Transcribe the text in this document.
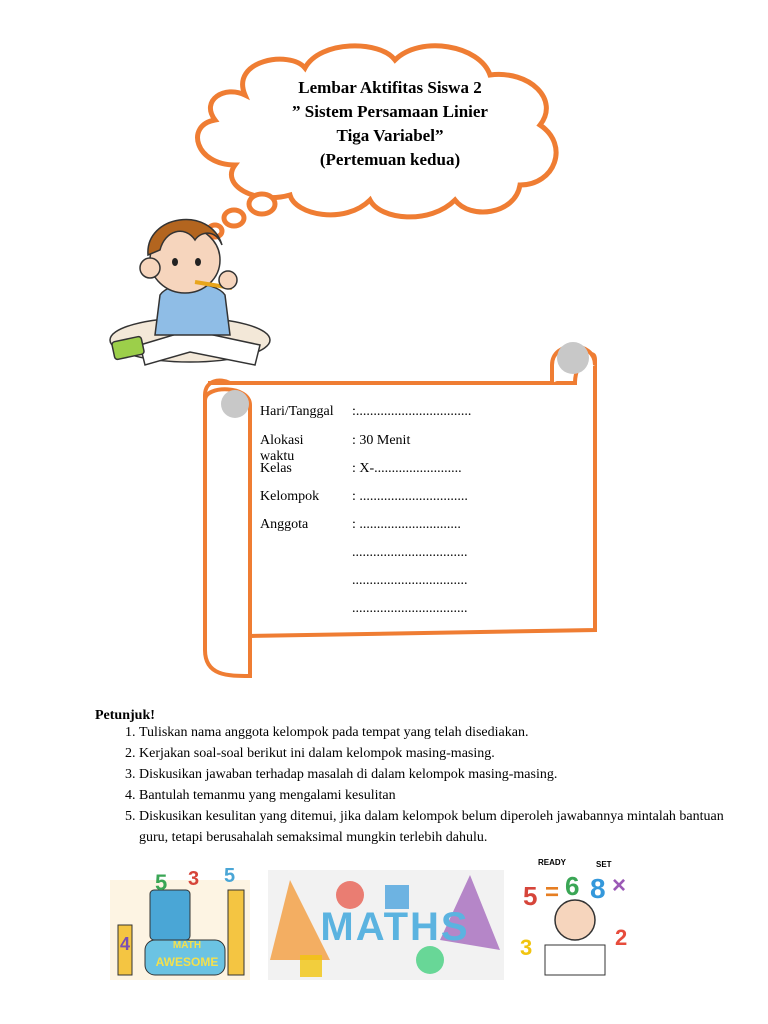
5 3 5
4
5 = 6 8 ×
3	2
Lembar Aktifitas Siswa 2
” Sistem Persamaan Linier
Tiga Variabel”
(Pertemuan kedua)
MATH
AWESOME
MATHS
READY	SET
Hari/Tanggal :.................................
Alokasi waktu
: 30 Menit
Kelas	: X-.........................
Kelompok : ...............................
Anggota	: .............................
.................................
.................................
.................................
Petunjuk!
1. Tuliskan nama anggota kelompok pada tempat yang telah disediakan.
2. Kerjakan soal-soal berikut ini dalam kelompok masing-masing.
3. Diskusikan jawaban terhadap masalah di dalam kelompok masing-masing.
4. Bantulah temanmu yang mengalami kesulitan
5. Diskusikan kesulitan yang ditemui, jika dalam kelompok belum diperoleh jawabannya mintalah bantuan guru, tetapi berusahalah semaksimal mungkin terlebih dahulu.
